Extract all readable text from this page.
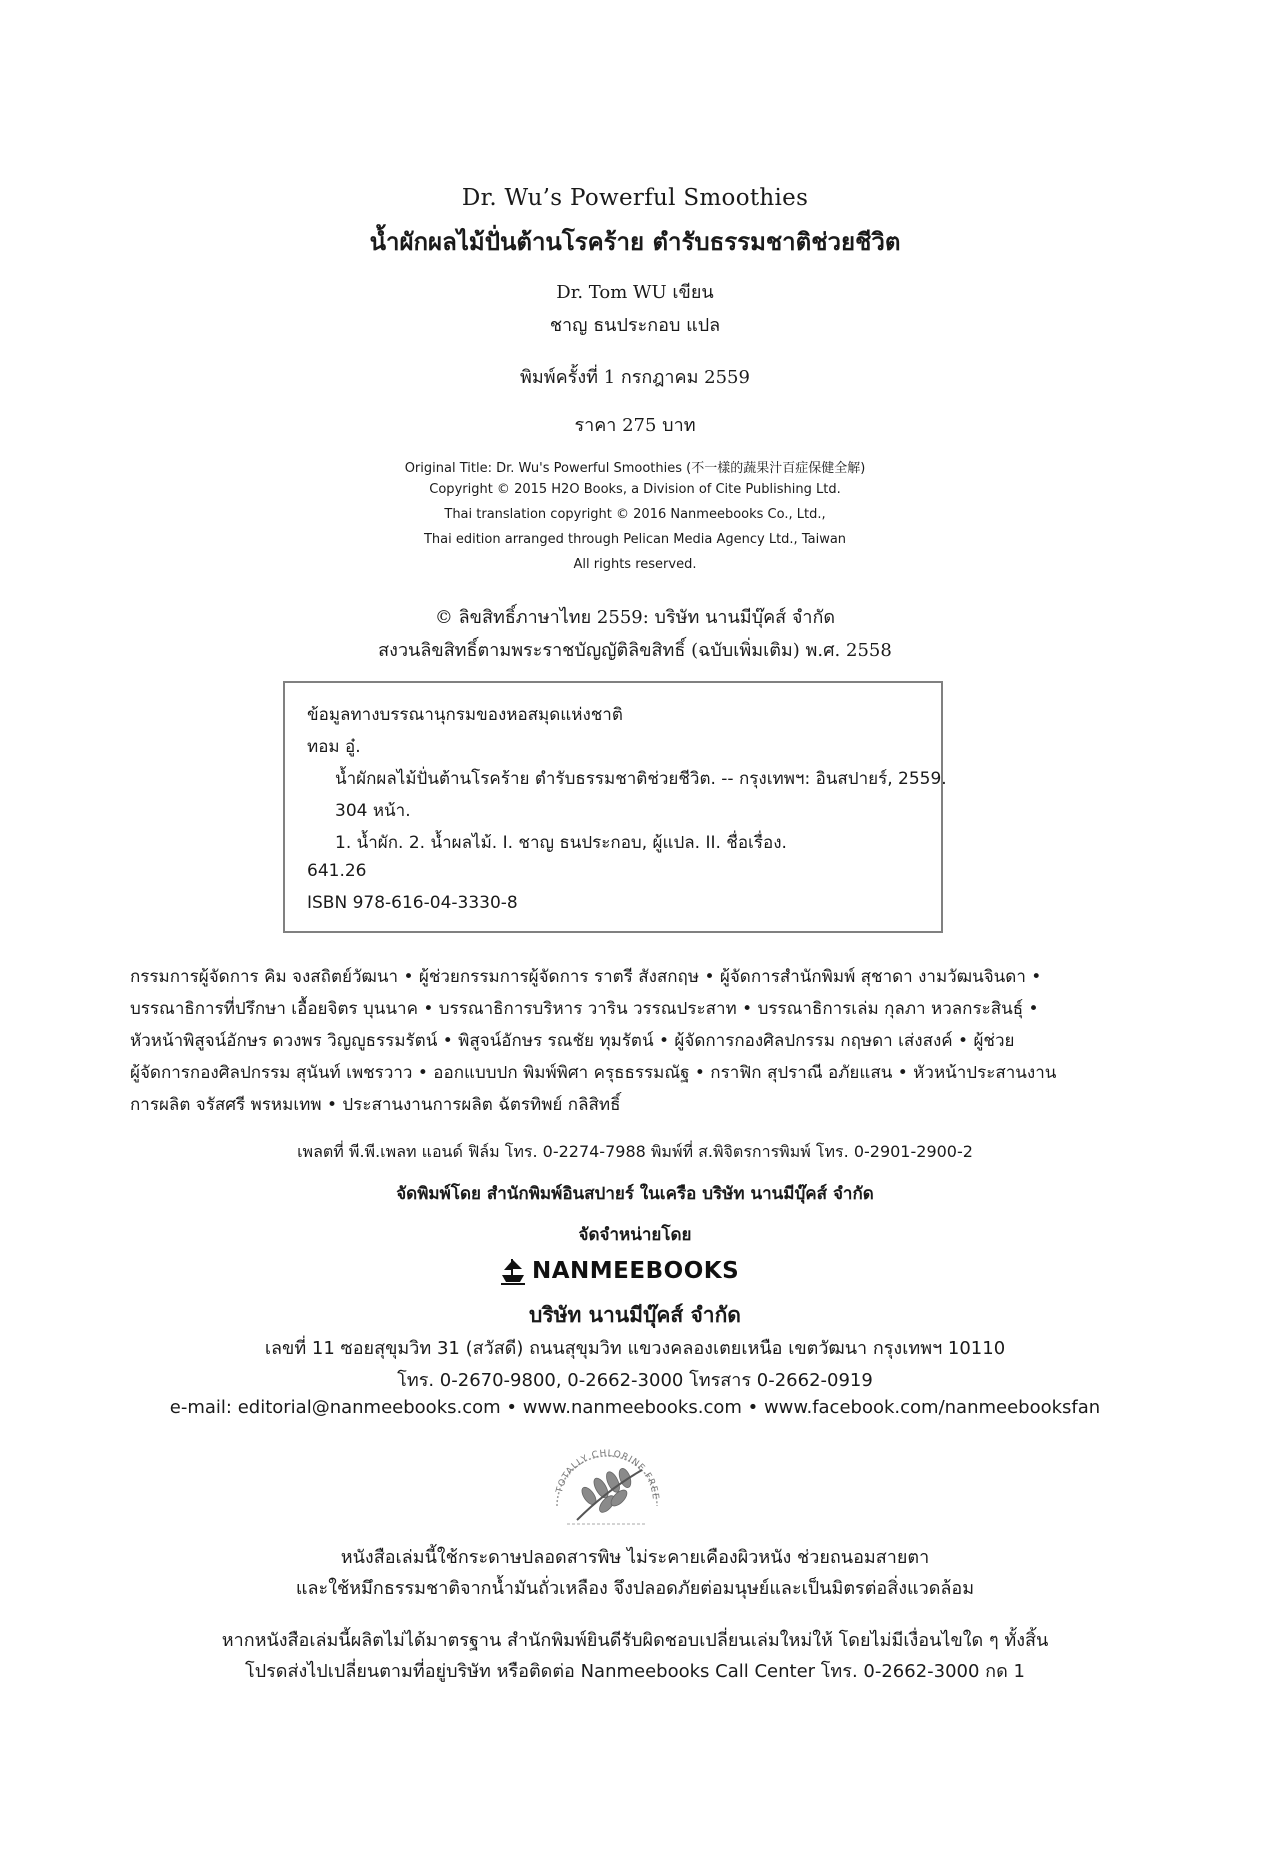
Dr. Wu’s Powerful Smoothies
น้ำผักผลไม้ปั่นต้านโรคร้าย ตำรับธรรมชาติช่วยชีวิต
Dr. Tom WU เขียน
ชาญ ธนประกอบ แปล
พิมพ์ครั้งที่ 1 กรกฎาคม 2559
ราคา 275 บาท
Original Title: Dr. Wu's Powerful Smoothies (不一樣的蔬果汁百症保健全解)
Copyright © 2015 H2O Books, a Division of Cite Publishing Ltd.
Thai translation copyright © 2016 Nanmeebooks Co., Ltd.,
Thai edition arranged through Pelican Media Agency Ltd., Taiwan
All rights reserved.
© ลิขสิทธิ์ภาษาไทย 2559: บริษัท นานมีบุ๊คส์ จำกัด
สงวนลิขสิทธิ์ตามพระราชบัญญัติลิขสิทธิ์ (ฉบับเพิ่มเติม) พ.ศ. 2558
ข้อมูลทางบรรณานุกรมของหอสมุดแห่งชาติ
ทอม อู๋.
น้ำผักผลไม้ปั่นต้านโรคร้าย ตำรับธรรมชาติช่วยชีวิต. -- กรุงเทพฯ: อินสปายร์, 2559.
304 หน้า.
1. น้ำผัก. 2. น้ำผลไม้. I. ชาญ ธนประกอบ, ผู้แปล. II. ชื่อเรื่อง.
641.26
ISBN 978-616-04-3330-8
กรรมการผู้จัดการ คิม จงสถิตย์วัฒนา • ผู้ช่วยกรรมการผู้จัดการ ราตรี สังสกฤษ • ผู้จัดการสำนักพิมพ์ สุชาดา งามวัฒนจินดา •
บรรณาธิการที่ปรึกษา เอื้อยจิตร บุนนาค • บรรณาธิการบริหาร วาริน วรรณประสาท • บรรณาธิการเล่ม กุลภา หวลกระสินธุ์ •
หัวหน้าพิสูจน์อักษร ดวงพร วิญญูธรรมรัตน์ • พิสูจน์อักษร รณชัย ทุมรัตน์ • ผู้จัดการกองศิลปกรรม กฤษดา เส่งสงค์ • ผู้ช่วย
ผู้จัดการกองศิลปกรรม สุนันท์ เพชรวาว • ออกแบบปก พิมพ์พิศา ครุธธรรมณัฐ • กราฟิก สุปราณี อภัยแสน • หัวหน้าประสานงาน
การผลิต จรัสศรี พรหมเทพ • ประสานงานการผลิต ฉัตรทิพย์ กลิสิทธิ์
เพลตที่ พี.พี.เพลท แอนด์ ฟิล์ม โทร. 0-2274-7988 พิมพ์ที่ ส.พิจิตรการพิมพ์ โทร. 0-2901-2900-2
จัดพิมพ์โดย สำนักพิมพ์อินสปายร์ ในเครือ บริษัท นานมีบุ๊คส์ จำกัด
จัดจำหน่ายโดย
NANMEEBOOKS
บริษัท นานมีบุ๊คส์ จำกัด
เลขที่ 11 ซอยสุขุมวิท 31 (สวัสดี) ถนนสุขุมวิท แขวงคลองเตยเหนือ เขตวัฒนา กรุงเทพฯ 10110
โทร. 0-2670-9800, 0-2662-3000 โทรสาร 0-2662-0919
e-mail: editorial@nanmeebooks.com • www.nanmeebooks.com • www.facebook.com/nanmeebooksfan
TOTALLY CHLORINE FREE
หนังสือเล่มนี้ใช้กระดาษปลอดสารพิษ ไม่ระคายเคืองผิวหนัง ช่วยถนอมสายตา
และใช้หมึกธรรมชาติจากน้ำมันถั่วเหลือง จึงปลอดภัยต่อมนุษย์และเป็นมิตรต่อสิ่งแวดล้อม
หากหนังสือเล่มนี้ผลิตไม่ได้มาตรฐาน สำนักพิมพ์ยินดีรับผิดชอบเปลี่ยนเล่มใหม่ให้ โดยไม่มีเงื่อนไขใด ๆ ทั้งสิ้น
โปรดส่งไปเปลี่ยนตามที่อยู่บริษัท หรือติดต่อ Nanmeebooks Call Center โทร. 0-2662-3000 กด 1
